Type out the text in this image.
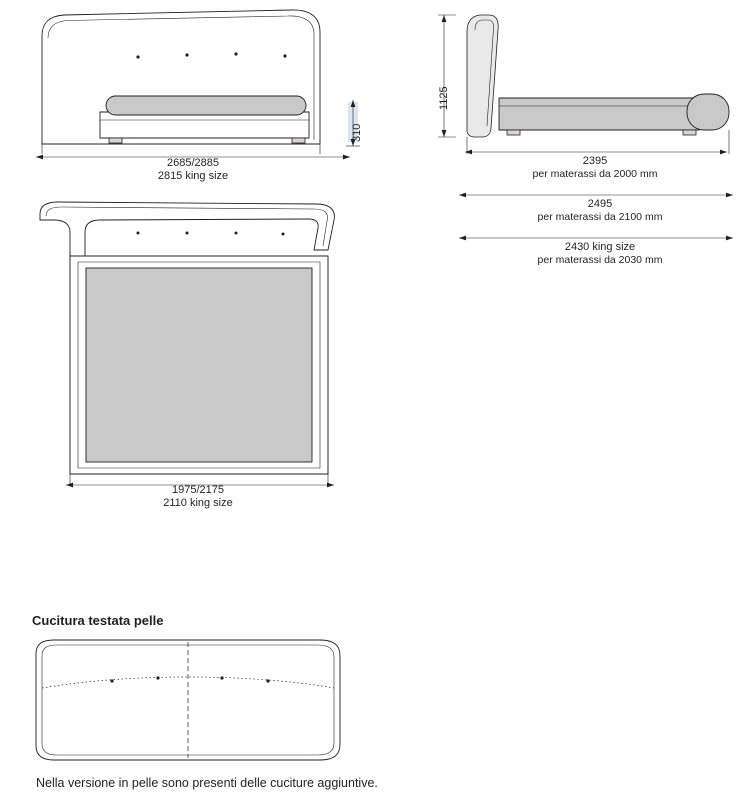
2685/2885
2815 king size
310
1125
2395
per materassi da 2000 mm
2495
per materassi da 2100 mm
2430 king size
per materassi da 2030 mm
1975/2175
2110 king size
Cucitura testata pelle
Nella versione in pelle sono presenti delle cuciture aggiuntive.
